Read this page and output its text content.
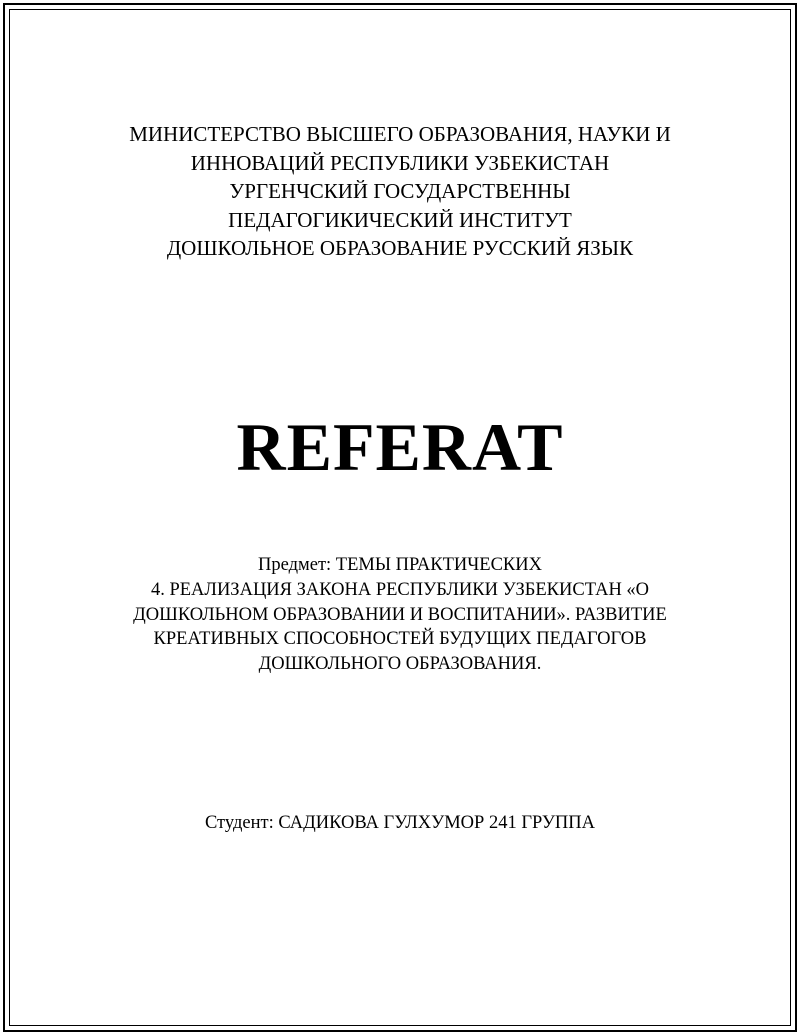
МИНИСТЕРСТВО ВЫСШЕГО ОБРАЗОВАНИЯ, НАУКИ И
ИННОВАЦИЙ РЕСПУБЛИКИ УЗБЕКИСТАН
УРГЕНЧСКИЙ ГОСУДАРСТВЕННЫ
ПЕДАГОГИКИЧЕСКИЙ ИНСТИТУТ
ДОШКОЛЬНОЕ ОБРАЗОВАНИЕ РУССКИЙ ЯЗЫК
REFERAT
Предмет: ТЕМЫ ПРАКТИЧЕСКИХ
4. РЕАЛИЗАЦИЯ ЗАКОНА РЕСПУБЛИКИ УЗБЕКИСТАН «О
ДОШКОЛЬНОМ ОБРАЗОВАНИИ И ВОСПИТАНИИ». РАЗВИТИЕ
КРЕАТИВНЫХ СПОСОБНОСТЕЙ БУДУЩИХ ПЕДАГОГОВ
ДОШКОЛЬНОГО ОБРАЗОВАНИЯ.
Студент: САДИКОВА ГУЛХУМОР 241 ГРУППА
